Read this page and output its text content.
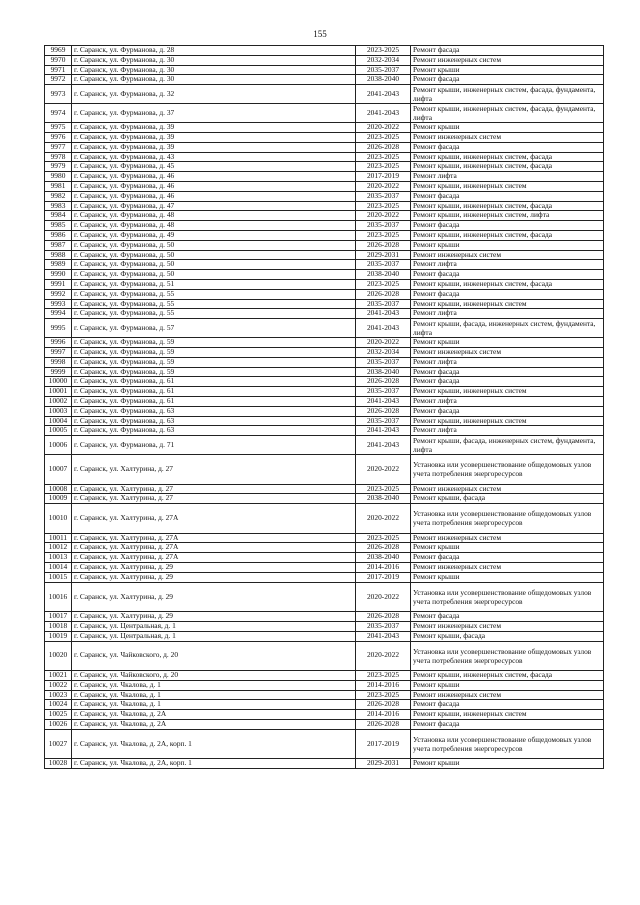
155
9969	г. Саранск, ул. Фурманова, д. 28	2023-2025	Ремонт фасада
9970	г. Саранск, ул. Фурманова, д. 30	2032-2034	Ремонт инженерных систем
9971	г. Саранск, ул. Фурманова, д. 30	2035-2037	Ремонт крыши
9972	г. Саранск, ул. Фурманова, д. 30	2038-2040	Ремонт фасада
9973	г. Саранск, ул. Фурманова, д. 32	2041-2043	Ремонт крыши, инженерных систем, фасада, фундамента, лифта
9974	г. Саранск, ул. Фурманова, д. 37	2041-2043	Ремонт крыши, инженерных систем, фасада, фундамента, лифта
9975	г. Саранск, ул. Фурманова, д. 39	2020-2022	Ремонт крыши
9976	г. Саранск, ул. Фурманова, д. 39	2023-2025	Ремонт инженерных систем
9977	г. Саранск, ул. Фурманова, д. 39	2026-2028	Ремонт фасада
9978	г. Саранск, ул. Фурманова, д. 43	2023-2025	Ремонт крыши, инженерных систем, фасада
9979	г. Саранск, ул. Фурманова, д. 45	2023-2025	Ремонт крыши, инженерных систем, фасада
9980	г. Саранск, ул. Фурманова, д. 46	2017-2019	Ремонт лифта
9981	г. Саранск, ул. Фурманова, д. 46	2020-2022	Ремонт крыши, инженерных систем
9982	г. Саранск, ул. Фурманова, д. 46	2035-2037	Ремонт фасада
9983	г. Саранск, ул. Фурманова, д. 47	2023-2025	Ремонт крыши, инженерных систем, фасада
9984	г. Саранск, ул. Фурманова, д. 48	2020-2022	Ремонт крыши, инженерных систем, лифта
9985	г. Саранск, ул. Фурманова, д. 48	2035-2037	Ремонт фасада
9986	г. Саранск, ул. Фурманова, д. 49	2023-2025	Ремонт крыши, инженерных систем, фасада
9987	г. Саранск, ул. Фурманова, д. 50	2026-2028	Ремонт крыши
9988	г. Саранск, ул. Фурманова, д. 50	2029-2031	Ремонт инженерных систем
9989	г. Саранск, ул. Фурманова, д. 50	2035-2037	Ремонт лифта
9990	г. Саранск, ул. Фурманова, д. 50	2038-2040	Ремонт фасада
9991	г. Саранск, ул. Фурманова, д. 51	2023-2025	Ремонт крыши, инженерных систем, фасада
9992	г. Саранск, ул. Фурманова, д. 55	2026-2028	Ремонт фасада
9993	г. Саранск, ул. Фурманова, д. 55	2035-2037	Ремонт крыши, инженерных систем
9994	г. Саранск, ул. Фурманова, д. 55	2041-2043	Ремонт лифта
9995	г. Саранск, ул. Фурманова, д. 57	2041-2043	Ремонт крыши, фасада, инженерных систем, фундамента, лифта
9996	г. Саранск, ул. Фурманова, д. 59	2020-2022	Ремонт крыши
9997	г. Саранск, ул. Фурманова, д. 59	2032-2034	Ремонт инженерных систем
9998	г. Саранск, ул. Фурманова, д. 59	2035-2037	Ремонт лифта
9999	г. Саранск, ул. Фурманова, д. 59	2038-2040	Ремонт фасада
10000	г. Саранск, ул. Фурманова, д. 61	2026-2028	Ремонт фасада
10001	г. Саранск, ул. Фурманова, д. 61	2035-2037	Ремонт крыши, инженерных систем
10002	г. Саранск, ул. Фурманова, д. 61	2041-2043	Ремонт лифта
10003	г. Саранск, ул. Фурманова, д. 63	2026-2028	Ремонт фасада
10004	г. Саранск, ул. Фурманова, д. 63	2035-2037	Ремонт крыши, инженерных систем
10005	г. Саранск, ул. Фурманова, д. 63	2041-2043	Ремонт лифта
10006	г. Саранск, ул. Фурманова, д. 71	2041-2043	Ремонт крыши, фасада, инженерных систем, фундамента, лифта
10007	г. Саранск, ул. Халтурина, д. 27	2020-2022	Установка или усовершенствование общедомовых узлов учета потребления энергоресурсов
10008	г. Саранск, ул. Халтурина, д. 27	2023-2025	Ремонт инженерных систем
10009	г. Саранск, ул. Халтурина, д. 27	2038-2040	Ремонт крыши, фасада
10010	г. Саранск, ул. Халтурина, д. 27А	2020-2022	Установка или усовершенствование общедомовых узлов учета потребления энергоресурсов
10011	г. Саранск, ул. Халтурина, д. 27А	2023-2025	Ремонт инженерных систем
10012	г. Саранск, ул. Халтурина, д. 27А	2026-2028	Ремонт крыши
10013	г. Саранск, ул. Халтурина, д. 27А	2038-2040	Ремонт фасада
10014	г. Саранск, ул. Халтурина, д. 29	2014-2016	Ремонт инженерных систем
10015	г. Саранск, ул. Халтурина, д. 29	2017-2019	Ремонт крыши
10016	г. Саранск, ул. Халтурина, д. 29	2020-2022	Установка или усовершенствование общедомовых узлов учета потребления энергоресурсов
10017	г. Саранск, ул. Халтурина, д. 29	2026-2028	Ремонт фасада
10018	г. Саранск, ул. Центральная, д. 1	2035-2037	Ремонт инженерных систем
10019	г. Саранск, ул. Центральная, д. 1	2041-2043	Ремонт крыши, фасада
10020	г. Саранск, ул. Чайковского, д. 20	2020-2022	Установка или усовершенствование общедомовых узлов учета потребления энергоресурсов
10021	г. Саранск, ул. Чайковского, д. 20	2023-2025	Ремонт крыши, инженерных систем, фасада
10022	г. Саранск, ул. Чкалова, д. 1	2014-2016	Ремонт крыши
10023	г. Саранск, ул. Чкалова, д. 1	2023-2025	Ремонт инженерных систем
10024	г. Саранск, ул. Чкалова, д. 1	2026-2028	Ремонт фасада
10025	г. Саранск, ул. Чкалова, д. 2А	2014-2016	Ремонт крыши, инженерных систем
10026	г. Саранск, ул. Чкалова, д. 2А	2026-2028	Ремонт фасада
10027	г. Саранск, ул. Чкалова, д. 2А, корп. 1	2017-2019	Установка или усовершенствование общедомовых узлов учета потребления энергоресурсов
10028	г. Саранск, ул. Чкалова, д. 2А, корп. 1	2029-2031	Ремонт крыши
